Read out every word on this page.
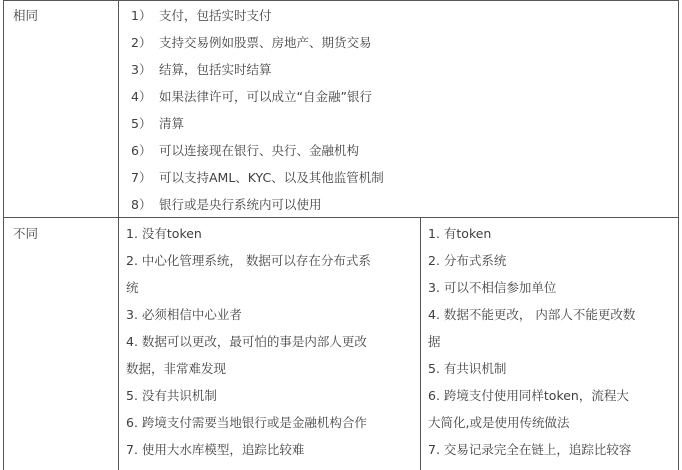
相同	1） 支付，包括实时支付
2） 支持交易例如股票、房地产、期货交易
3） 结算，包括实时结算
4） 如果法律许可，可以成立“自金融”银行
5） 清算
6） 可以连接现在银行、央行、金融机构
7） 可以支持AML、KYC、以及其他监管机制
8） 银行或是央行系统内可以使用
不同	1. 没有token
2. 中心化管理系统， 数据可以存在分布式系
统
3. 必须相信中心业者
4. 数据可以更改，最可怕的事是内部人更改
数据，非常难发现
5. 没有共识机制
6. 跨境支付需要当地银行或是金融机构合作
7. 使用大水库模型，追踪比较难
1. 有token
2. 分布式系统
3. 可以不相信参加单位
4. 数据不能更改， 内部人不能更改数
据
5. 有共识机制
6. 跨境支付使用同样token，流程大
大简化,或是使用传统做法
7. 交易记录完全在链上，追踪比较容
